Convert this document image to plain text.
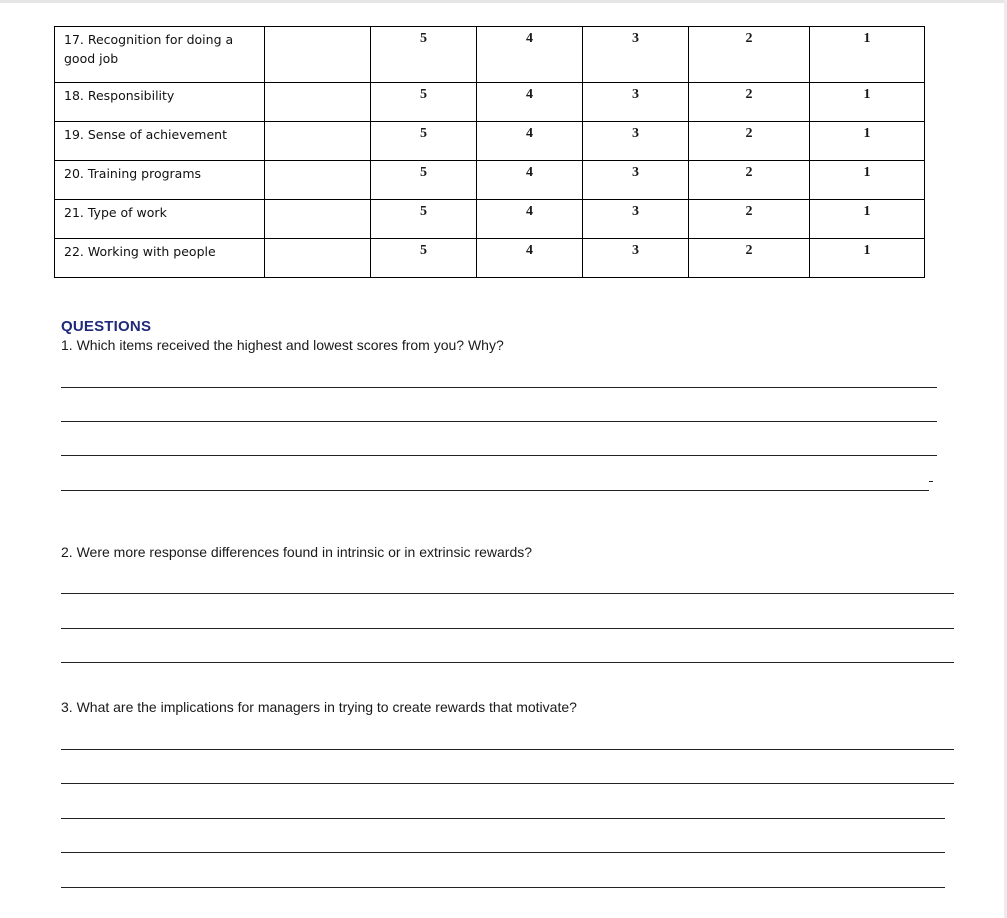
17. Recognition for doing a good job		5	4	3	2	1
18. Responsibility		5	4	3	2	1
19. Sense of achievement		5	4	3	2	1
20. Training programs		5	4	3	2	1
21. Type of work		5	4	3	2	1
22. Working with people		5	4	3	2	1
QUESTIONS
1. Which items received the highest and lowest scores from you? Why?
2. Were more response differences found in intrinsic or in extrinsic rewards?
3. What are the implications for managers in trying to create rewards that motivate?
